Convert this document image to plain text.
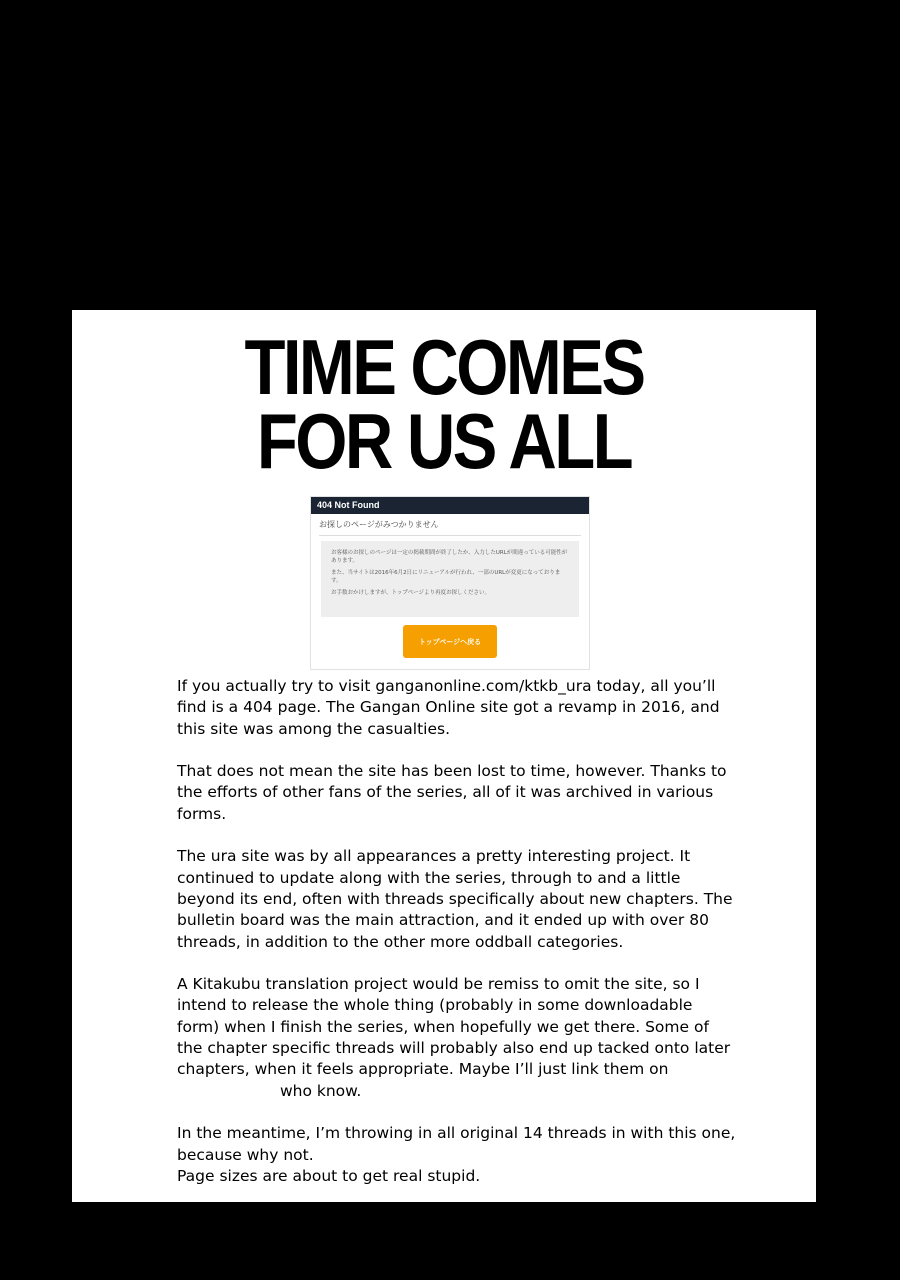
TIME COMES
FOR US ALL
404 Not Found
お探しのページがみつかりません

お客様のお探しのページは一定の掲載期間が終了したか、入力したURLが間違っている可能性があります。

また、当サイトは2016年6月2日にリニューアルが行われ、一部のURLが変更になっております。

お手数おかけしますが、トップページより再度お探しください。

トップページへ戻る

If you actually try to visit ganganonline.com/ktkb_ura today, all you’ll find is a 404 page. The Gangan Online site got a revamp in 2016, and this site was among the casualties.

That does not mean the site has been lost to time, however. Thanks to the efforts of other fans of the series, all of it was archived in various forms.

The ura site was by all appearances a pretty interesting project. It continued to update along with the series, through to and a little beyond its end, often with threads specifically about new chapters. The bulletin board was the main attraction, and it ended up with over 80 threads, in addition to the other more oddball categories.

A Kitakubu translation project would be remiss to omit the site, so I intend to release the whole thing (probably in some downloadable form) when I finish the series, when hopefully we get there. Some of the chapter specific threads will probably also end up tacked onto later chapters, when it feels appropriate. Maybe I’ll just link them on  who know.

In the meantime, I’m throwing in all original 14 threads in with this one, because why not.

Page sizes are about to get real stupid.
